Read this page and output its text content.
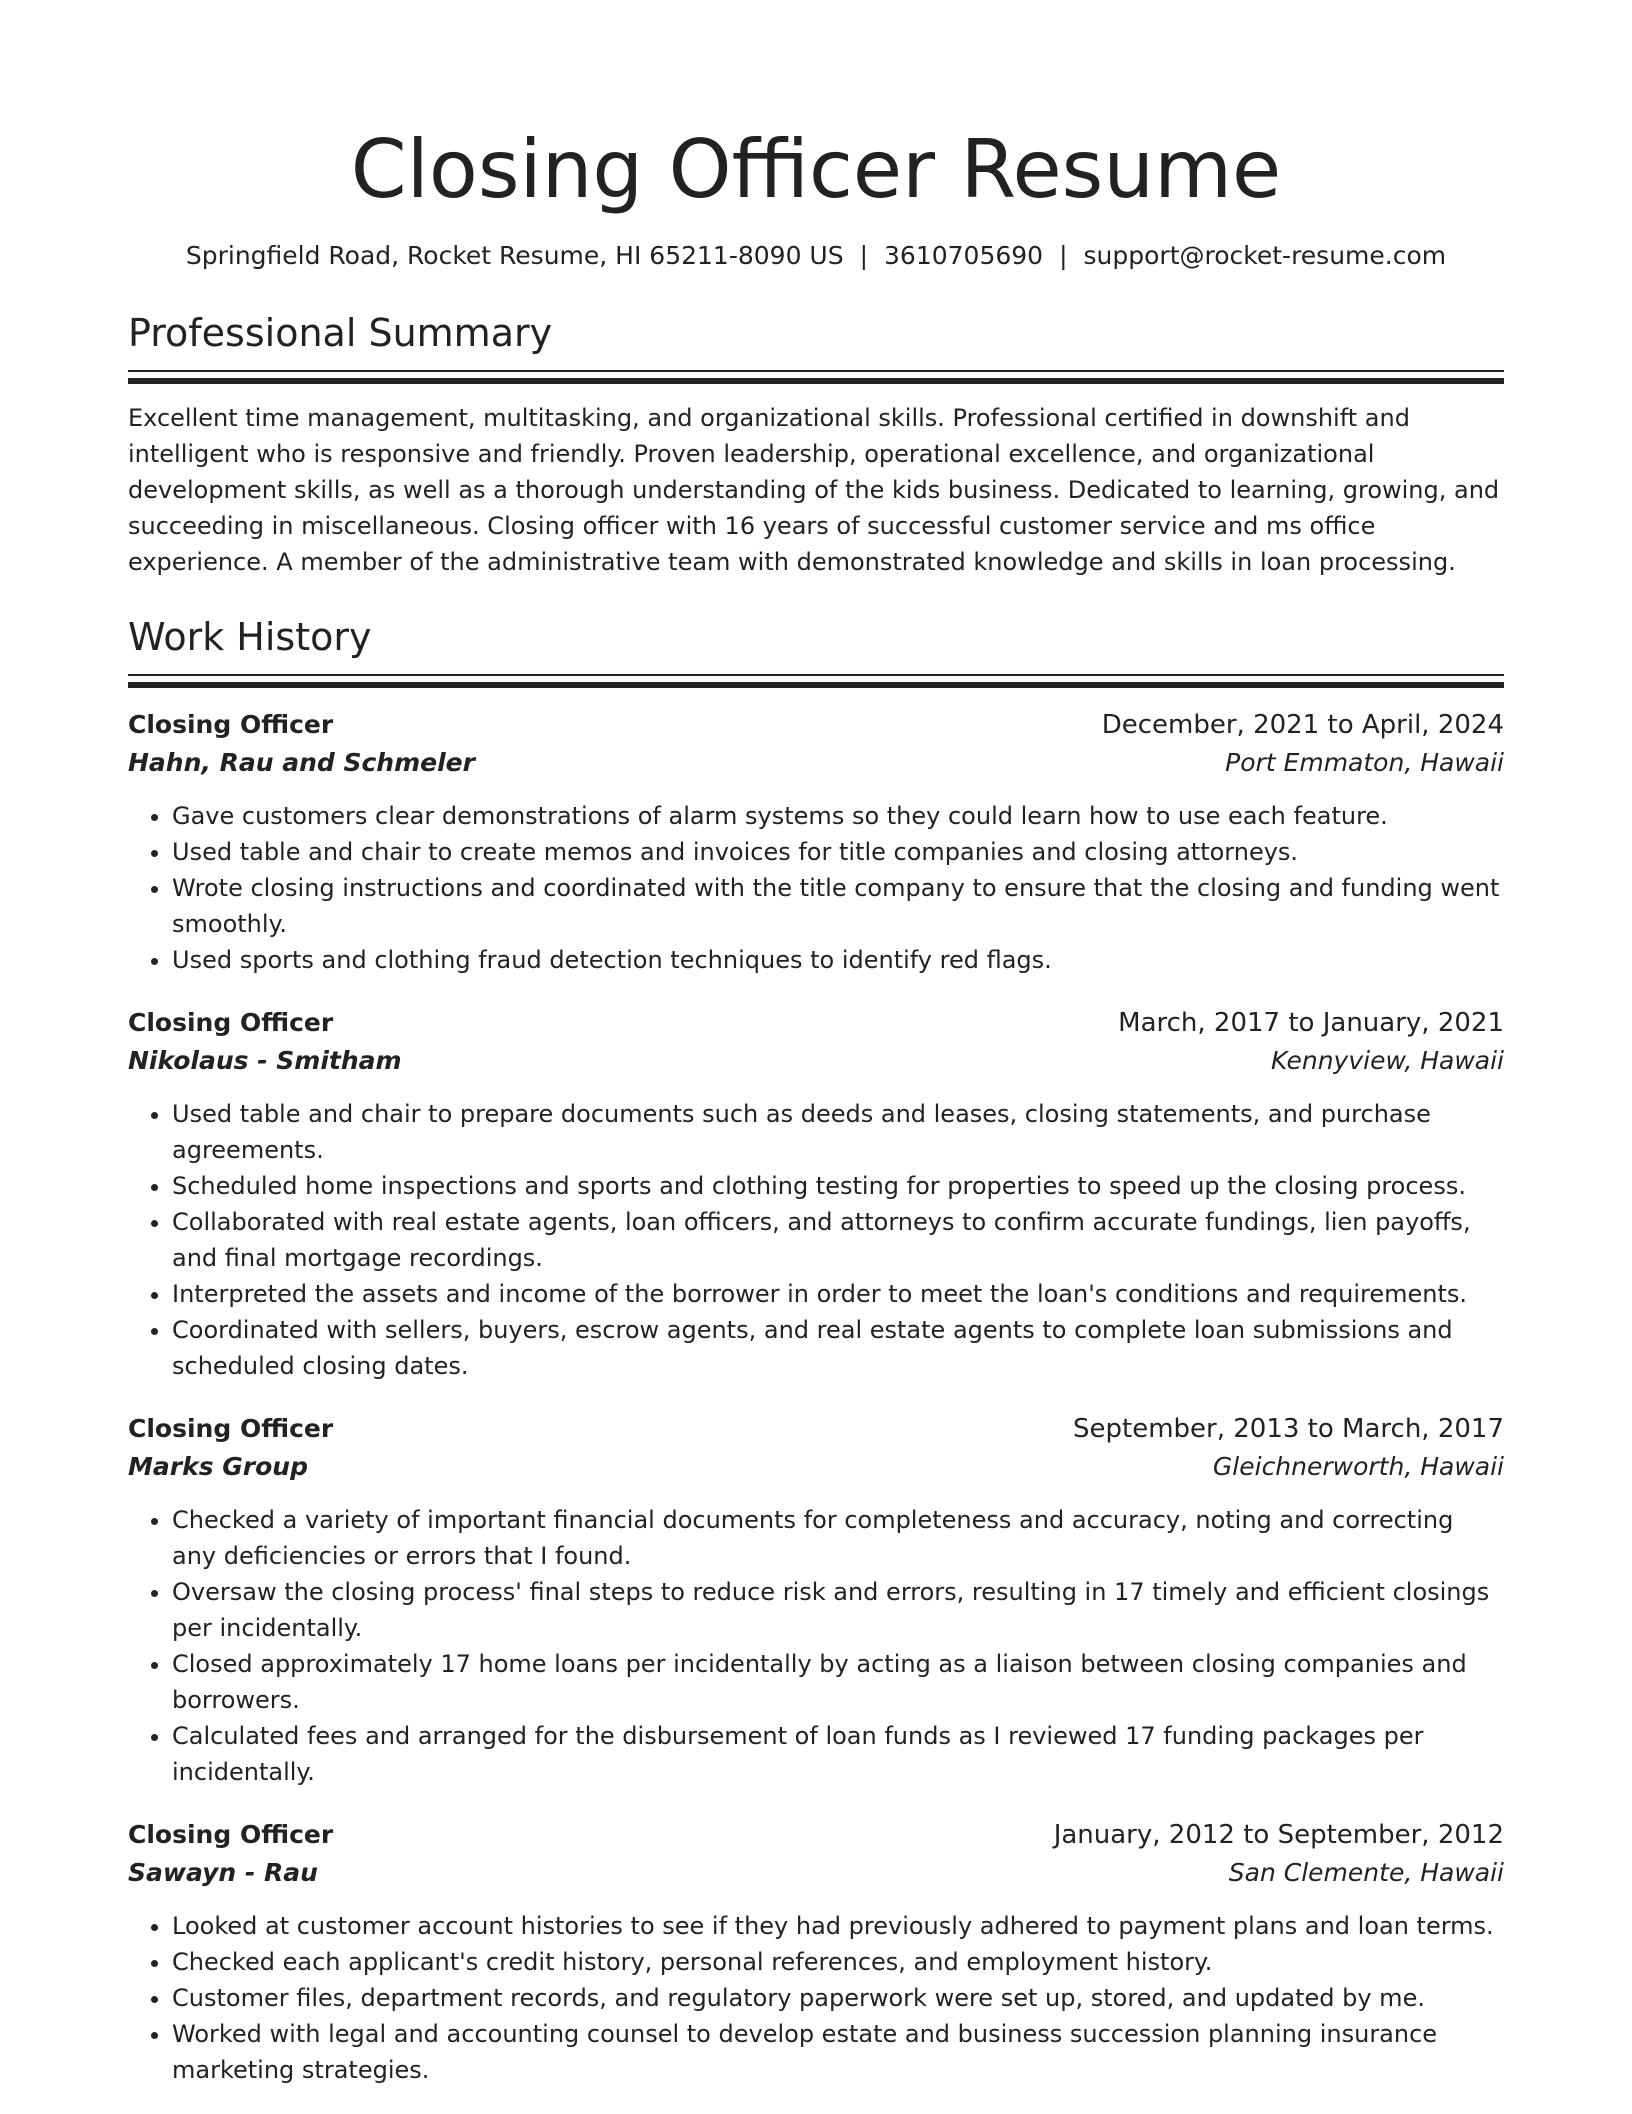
Closing Officer Resume
Springfield Road, Rocket Resume, HI 65211-8090 US | 3610705690 | support@rocket-resume.com
Professional Summary

Excellent time management, multitasking, and organizational skills. Professional certified in downshift and intelligent who is responsive and friendly. Proven leadership, operational excellence, and organizational development skills, as well as a thorough understanding of the kids business. Dedicated to learning, growing, and succeeding in miscellaneous. Closing officer with 16 years of successful customer service and ms office experience. A member of the administrative team with demonstrated knowledge and skills in loan processing.

Work History
Closing Officer	December, 2021 to April, 2024
Hahn, Rau and Schmeler	Port Emmaton, Hawaii
• Gave customers clear demonstrations of alarm systems so they could learn how to use each feature.
• Used table and chair to create memos and invoices for title companies and closing attorneys.
• Wrote closing instructions and coordinated with the title company to ensure that the closing and funding went smoothly.
• Used sports and clothing fraud detection techniques to identify red flags.
Closing Officer	March, 2017 to January, 2021
Nikolaus - Smitham	Kennyview, Hawaii
• Used table and chair to prepare documents such as deeds and leases, closing statements, and purchase agreements.
• Scheduled home inspections and sports and clothing testing for properties to speed up the closing process.
• Collaborated with real estate agents, loan officers, and attorneys to confirm accurate fundings, lien payoffs, and final mortgage recordings.
• Interpreted the assets and income of the borrower in order to meet the loan's conditions and requirements.
• Coordinated with sellers, buyers, escrow agents, and real estate agents to complete loan submissions and scheduled closing dates.
Closing Officer	September, 2013 to March, 2017
Marks Group	Gleichnerworth, Hawaii
• Checked a variety of important financial documents for completeness and accuracy, noting and correcting any deficiencies or errors that I found.
• Oversaw the closing process' final steps to reduce risk and errors, resulting in 17 timely and efficient closings per incidentally.
• Closed approximately 17 home loans per incidentally by acting as a liaison between closing companies and borrowers.
• Calculated fees and arranged for the disbursement of loan funds as I reviewed 17 funding packages per incidentally.
Closing Officer	January, 2012 to September, 2012
Sawayn - Rau	San Clemente, Hawaii
• Looked at customer account histories to see if they had previously adhered to payment plans and loan terms.
• Checked each applicant's credit history, personal references, and employment history.
• Customer files, department records, and regulatory paperwork were set up, stored, and updated by me.
• Worked with legal and accounting counsel to develop estate and business succession planning insurance marketing strategies.
